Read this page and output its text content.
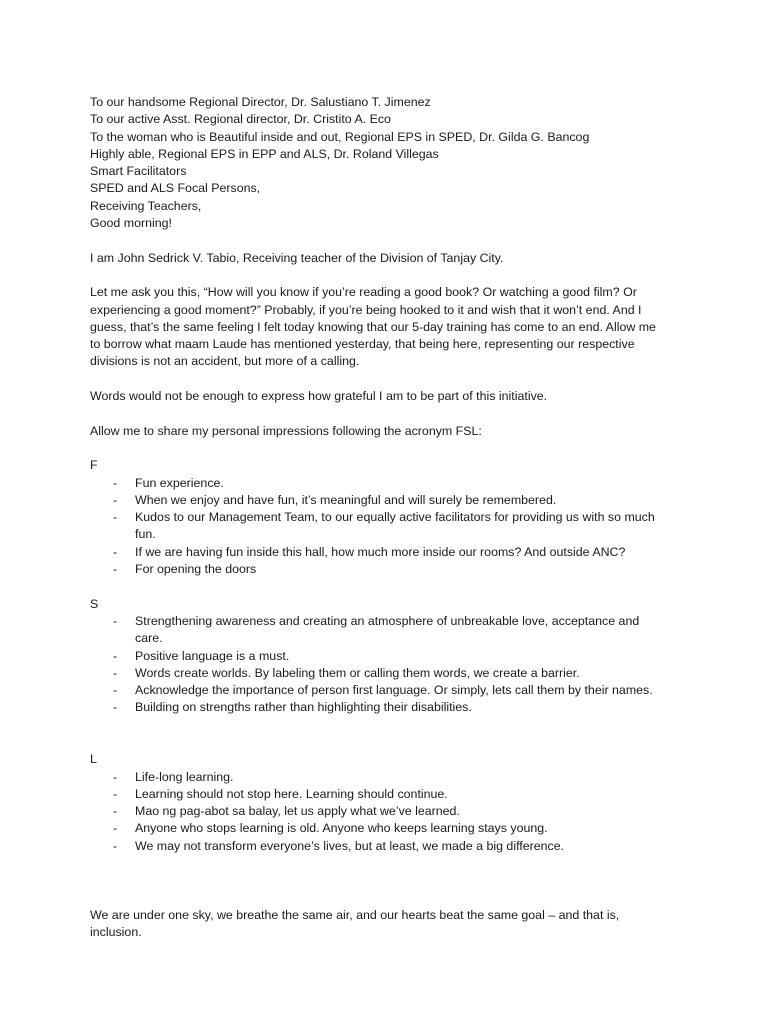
To our handsome Regional Director, Dr. Salustiano T. Jimenez
To our active Asst. Regional director, Dr. Cristito A. Eco
To the woman who is Beautiful inside and out, Regional EPS in SPED, Dr. Gilda G. Bancog
Highly able, Regional EPS in EPP and ALS, Dr. Roland Villegas
Smart Facilitators
SPED and ALS Focal Persons,
Receiving Teachers,
Good morning!

I am John Sedrick V. Tabio, Receiving teacher of the Division of Tanjay City.

Let me ask you this, “How will you know if you’re reading a good book? Or watching a good film? Or
experiencing a good moment?” Probably, if you’re being hooked to it and wish that it won’t end. And I
guess, that’s the same feeling I felt today knowing that our 5-day training has come to an end. Allow me
to borrow what maam Laude has mentioned yesterday, that being here, representing our respective
divisions is not an accident, but more of a calling.

Words would not be enough to express how grateful I am to be part of this initiative.

Allow me to share my personal impressions following the acronym FSL:

F
- Fun experience.
- When we enjoy and have fun, it’s meaningful and will surely be remembered.
- Kudos to our Management Team, to our equally active facilitators for providing us with so much fun.
- If we are having fun inside this hall, how much more inside our rooms? And outside ANC?
- For opening the doors
S
- Strengthening awareness and creating an atmosphere of unbreakable love, acceptance and care.
- Positive language is a must.
- Words create worlds. By labeling them or calling them words, we create a barrier.
- Acknowledge the importance of person first language. Or simply, lets call them by their names.
- Building on strengths rather than highlighting their disabilities.
L
- Life-long learning.
- Learning should not stop here. Learning should continue.
- Mao ng pag-abot sa balay, let us apply what we’ve learned.
- Anyone who stops learning is old. Anyone who keeps learning stays young.
- We may not transform everyone’s lives, but at least, we made a big difference.
We are under one sky, we breathe the same air, and our hearts beat the same goal – and that is,
inclusion.
